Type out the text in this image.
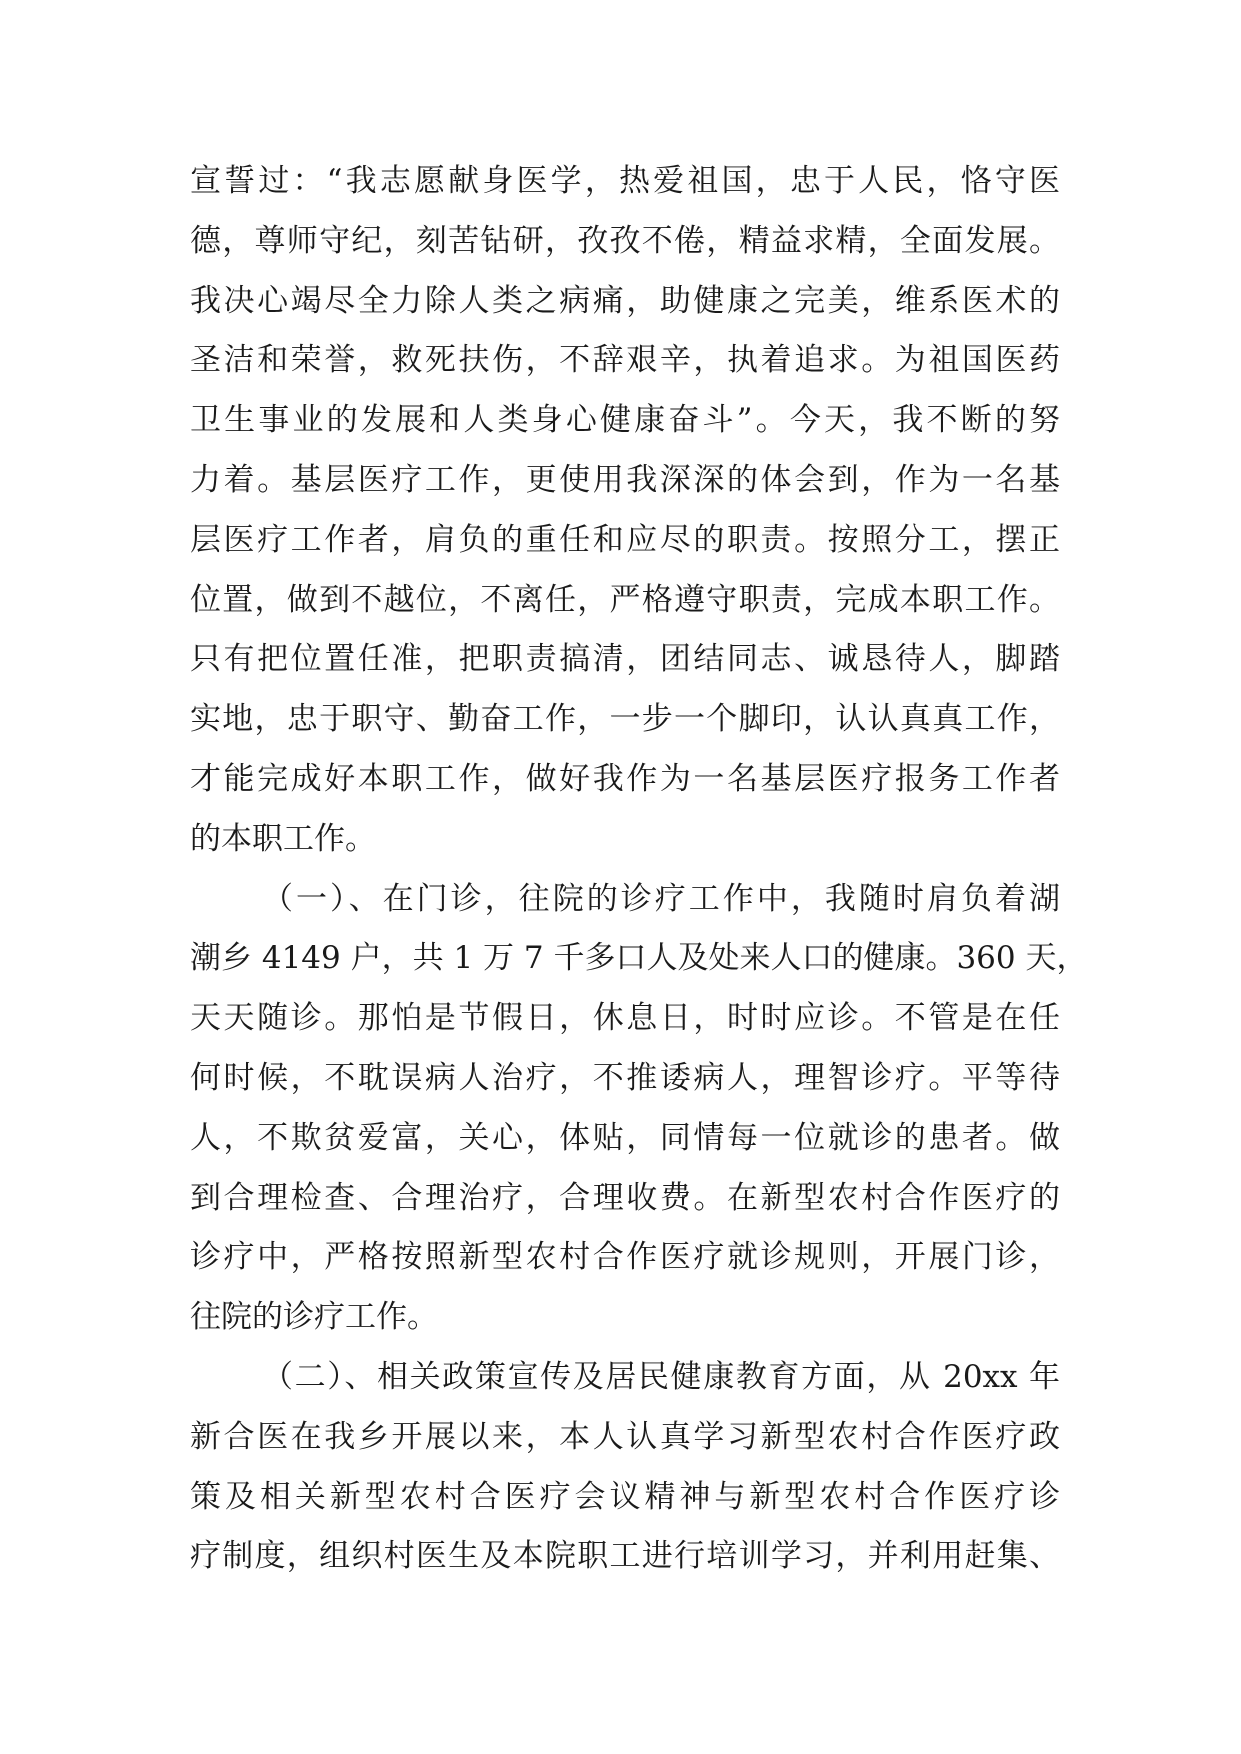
宣誓过：“我志愿献身医学，热爱祖国，忠于人民，恪守医
德，尊师守纪，刻苦钻研，孜孜不倦，精益求精，全面发展。
我决心竭尽全力除人类之病痛，助健康之完美，维系医术的
圣洁和荣誉，救死扶伤，不辞艰辛，执着追求。为祖国医药
卫生事业的发展和人类身心健康奋斗”。今天，我不断的努
力着。基层医疗工作，更使用我深深的体会到，作为一名基
层医疗工作者，肩负的重任和应尽的职责。按照分工，摆正
位置，做到不越位，不离任，严格遵守职责，完成本职工作。
只有把位置任准，把职责搞清，团结同志、诚恳待人，脚踏
实地，忠于职守、勤奋工作，一步一个脚印，认认真真工作，
才能完成好本职工作，做好我作为一名基层医疗报务工作者
的本职工作。
（一）、在门诊，往院的诊疗工作中，我随时肩负着湖
潮乡 4149 户，共 1 万 7 千多口人及处来人口的健康。360 天，
天天随诊。那怕是节假日，休息日，时时应诊。不管是在任
何时候，不耽误病人治疗，不推诿病人，理智诊疗。平等待
人，不欺贫爱富，关心，体贴，同情每一位就诊的患者。做
到合理检查、合理治疗，合理收费。在新型农村合作医疗的
诊疗中，严格按照新型农村合作医疗就诊规则，开展门诊，
往院的诊疗工作。
（二）、相关政策宣传及居民健康教育方面，从 20xx 年
新合医在我乡开展以来，本人认真学习新型农村合作医疗政
策及相关新型农村合医疗会议精神与新型农村合作医疗诊
疗制度，组织村医生及本院职工进行培训学习，并利用赶集、
